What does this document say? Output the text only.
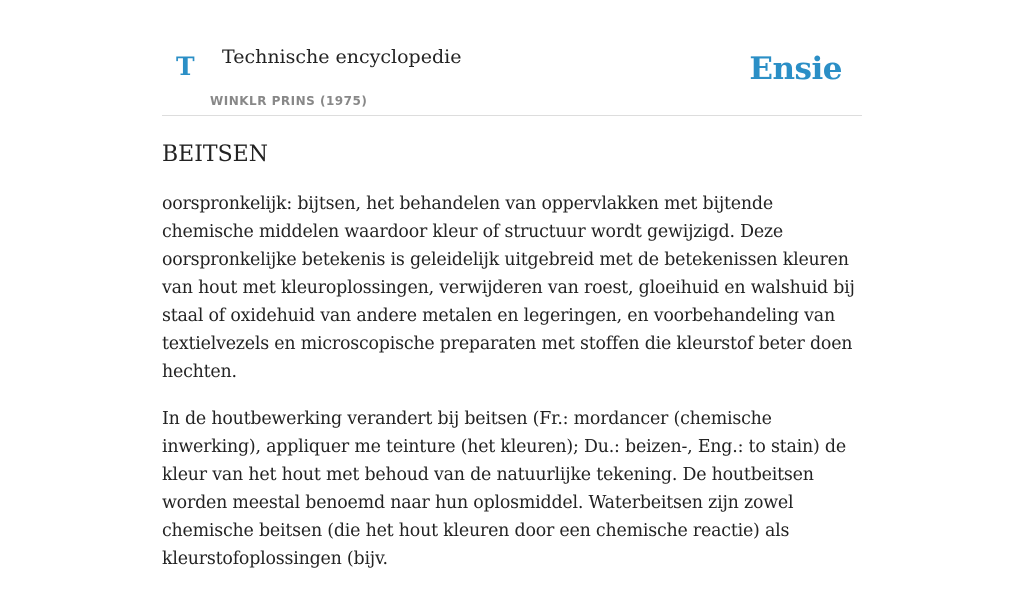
T Technische encyclopedie
WINKLR PRINS (1975)
Ensie
BEITSEN

oorspronkelijk: bijtsen, het behandelen van oppervlakken met bijtende chemische middelen waardoor kleur of structuur wordt gewijzigd. Deze oorspronkelijke betekenis is geleidelijk uitgebreid met de betekenissen kleuren van hout met kleuroplossingen, verwijderen van roest, gloeihuid en walshuid bij staal of oxidehuid van andere metalen en legeringen, en voorbehandeling van textielvezels en microscopische preparaten met stoffen die kleurstof beter doen hechten.

In de houtbewerking verandert bij beitsen (Fr.: mordancer (chemische inwerking), appliquer me teinture (het kleuren); Du.: beizen-, Eng.: to stain) de kleur van het hout met behoud van de natuurlijke tekening. De houtbeitsen worden meestal benoemd naar hun oplosmiddel. Waterbeitsen zijn zowel chemische beitsen (die het hout kleuren door een chemische reactie) als kleurstofoplossingen (bijv.
